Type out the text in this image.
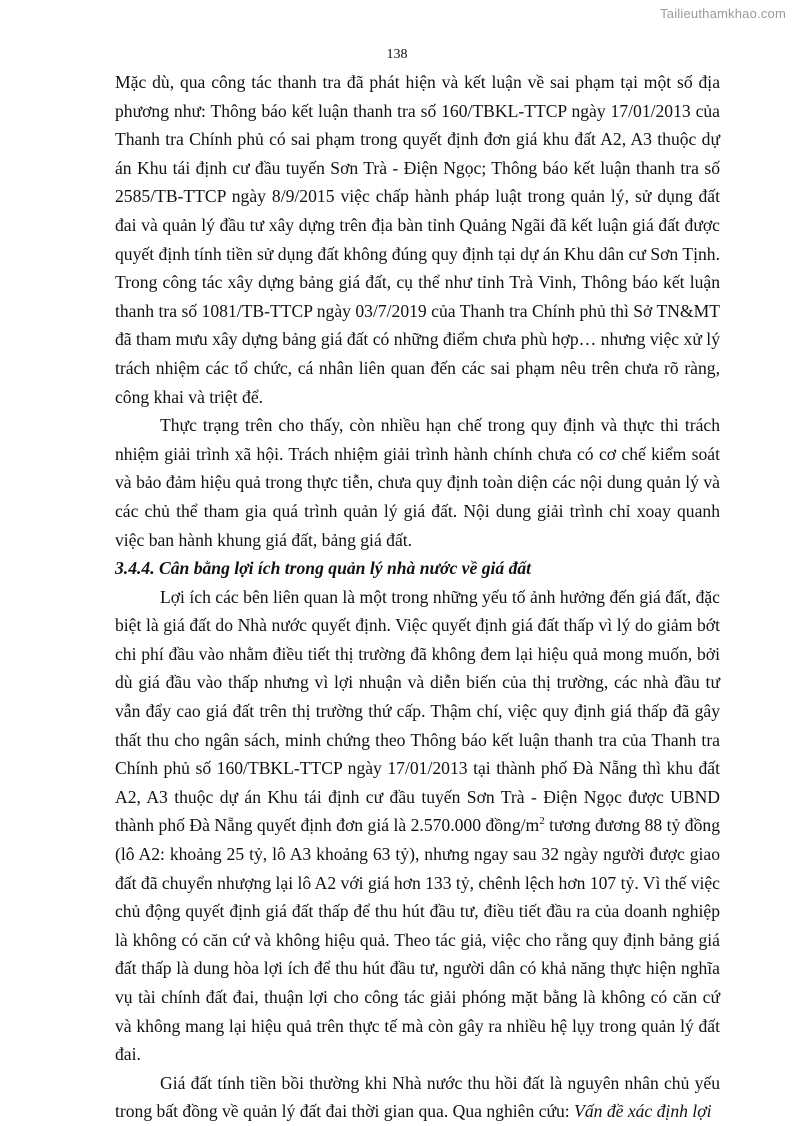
Tailieuthamkhao.com
138

Mặc dù, qua công tác thanh tra đã phát hiện và kết luận về sai phạm tại một số địa phương như: Thông báo kết luận thanh tra số 160/TBKL-TTCP ngày 17/01/2013 của Thanh tra Chính phủ có sai phạm trong quyết định đơn giá khu đất A2, A3 thuộc dự án Khu tái định cư đầu tuyến Sơn Trà - Điện Ngọc; Thông báo kết luận thanh tra số 2585/TB-TTCP ngày 8/9/2015 việc chấp hành pháp luật trong quản lý, sử dụng đất đai và quản lý đầu tư xây dựng trên địa bàn tỉnh Quảng Ngãi đã kết luận giá đất được quyết định tính tiền sử dụng đất không đúng quy định tại dự án Khu dân cư Sơn Tịnh. Trong công tác xây dựng bảng giá đất, cụ thể như tỉnh Trà Vinh, Thông báo kết luận thanh tra số 1081/TB-TTCP ngày 03/7/2019 của Thanh tra Chính phủ thì Sở TN&MT đã tham mưu xây dựng bảng giá đất có những điểm chưa phù hợp… nhưng việc xử lý trách nhiệm các tổ chức, cá nhân liên quan đến các sai phạm nêu trên chưa rõ ràng, công khai và triệt để.

Thực trạng trên cho thấy, còn nhiều hạn chế trong quy định và thực thi trách nhiệm giải trình xã hội. Trách nhiệm giải trình hành chính chưa có cơ chế kiểm soát và bảo đảm hiệu quả trong thực tiễn, chưa quy định toàn diện các nội dung quản lý và các chủ thể tham gia quá trình quản lý giá đất. Nội dung giải trình chỉ xoay quanh việc ban hành khung giá đất, bảng giá đất.

3.4.4. Cân bằng lợi ích trong quản lý nhà nước về giá đất

Lợi ích các bên liên quan là một trong những yếu tố ảnh hưởng đến giá đất, đặc biệt là giá đất do Nhà nước quyết định. Việc quyết định giá đất thấp vì lý do giảm bớt chi phí đầu vào nhằm điều tiết thị trường đã không đem lại hiệu quả mong muốn, bởi dù giá đầu vào thấp nhưng vì lợi nhuận và diễn biến của thị trường, các nhà đầu tư vẫn đẩy cao giá đất trên thị trường thứ cấp. Thậm chí, việc quy định giá thấp đã gây thất thu cho ngân sách, minh chứng theo Thông báo kết luận thanh tra của Thanh tra Chính phủ số 160/TBKL-TTCP ngày 17/01/2013 tại thành phố Đà Nẵng thì khu đất A2, A3 thuộc dự án Khu tái định cư đầu tuyến Sơn Trà - Điện Ngọc được UBND thành phố Đà Nẵng quyết định đơn giá là 2.570.000 đồng/$m^2$ tương đương 88 tỷ đồng (lô A2: khoảng 25 tỷ, lô A3 khoảng 63 tỷ), nhưng ngay sau 32 ngày người được giao đất đã chuyển nhượng lại lô A2 với giá hơn 133 tỷ, chênh lệch hơn 107 tỷ. Vì thế việc chủ động quyết định giá đất thấp để thu hút đầu tư, điều tiết đầu ra của doanh nghiệp là không có căn cứ và không hiệu quả. Theo tác giả, việc cho rằng quy định bảng giá đất thấp là dung hòa lợi ích để thu hút đầu tư, người dân có khả năng thực hiện nghĩa vụ tài chính đất đai, thuận lợi cho công tác giải phóng mặt bằng là không có căn cứ và không mang lại hiệu quả trên thực tế mà còn gây ra nhiều hệ lụy trong quản lý đất đai.

Giá đất tính tiền bồi thường khi Nhà nước thu hồi đất là nguyên nhân chủ yếu trong bất đồng về quản lý đất đai thời gian qua. Qua nghiên cứu: Vấn đề xác định lợi
